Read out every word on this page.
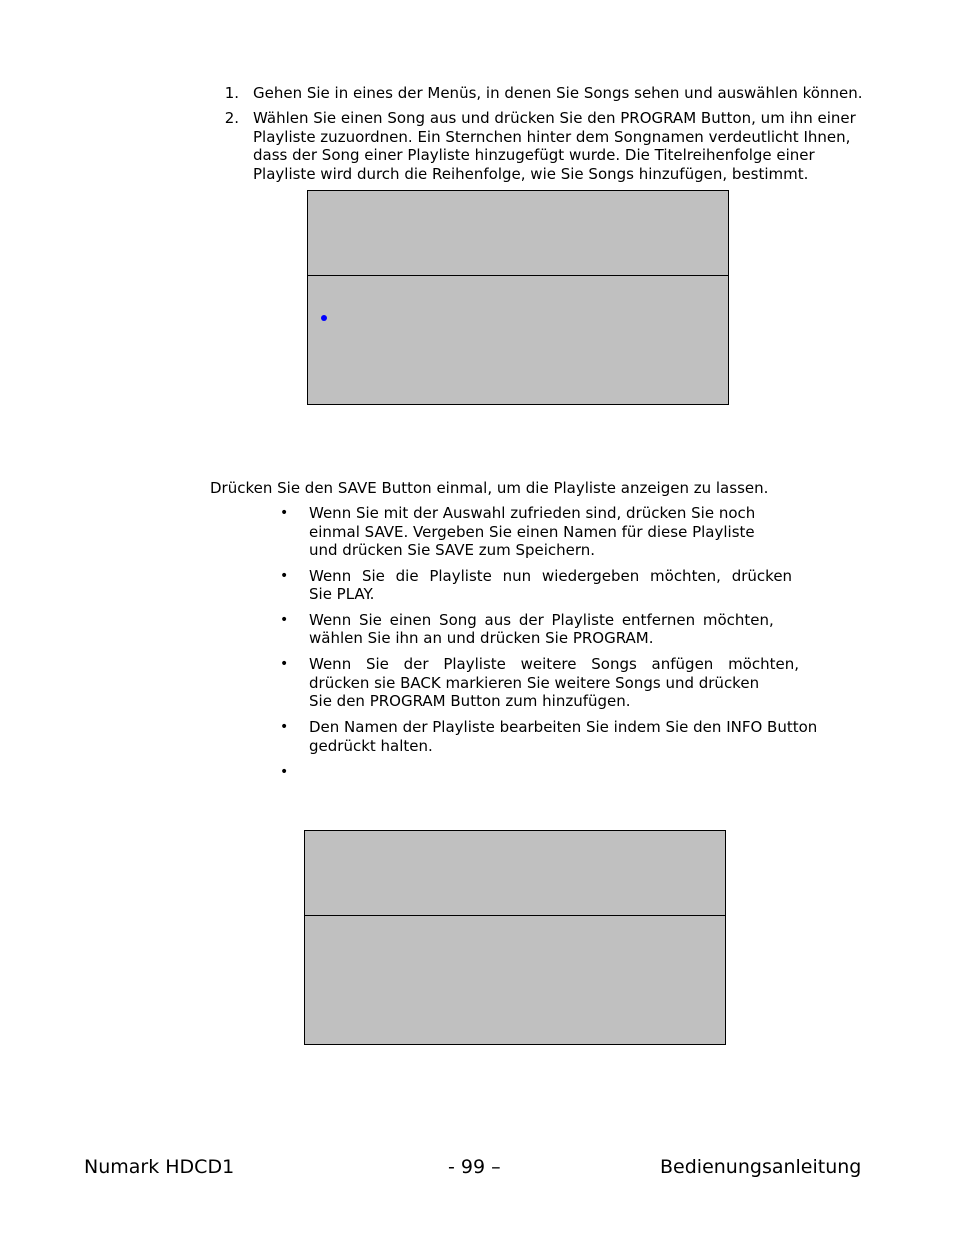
1. Gehen Sie in eines der Menüs, in denen Sie Songs sehen und auswählen können.
2. Wählen Sie einen Song aus und drücken Sie den PROGRAM Button, um ihn einer
Playliste zuzuordnen. Ein Sternchen hinter dem Songnamen verdeutlicht Ihnen,
dass der Song einer Playliste hinzugefügt wurde. Die Titelreihenfolge einer
Playliste wird durch die Reihenfolge, wie Sie Songs hinzufügen, bestimmt.
Drücken Sie den SAVE Button einmal, um die Playliste anzeigen zu lassen.
• Wenn Sie mit der Auswahl zufrieden sind, drücken Sie noch
einmal SAVE. Vergeben Sie einen Namen für diese Playliste
und drücken Sie SAVE zum Speichern.
• Wenn Sie die Playliste nun wiedergeben möchten, drücken
Sie PLAY.
• Wenn Sie einen Song aus der Playliste entfernen möchten,
wählen Sie ihn an und drücken Sie PROGRAM.
• Wenn Sie der Playliste weitere Songs anfügen möchten,
drücken sie BACK markieren Sie weitere Songs und drücken
Sie den PROGRAM Button zum hinzufügen.
• Den Namen der Playliste bearbeiten Sie indem Sie den INFO Button
gedrückt halten.
•
Numark HDCD1	- 99 –	Bedienungsanleitung
